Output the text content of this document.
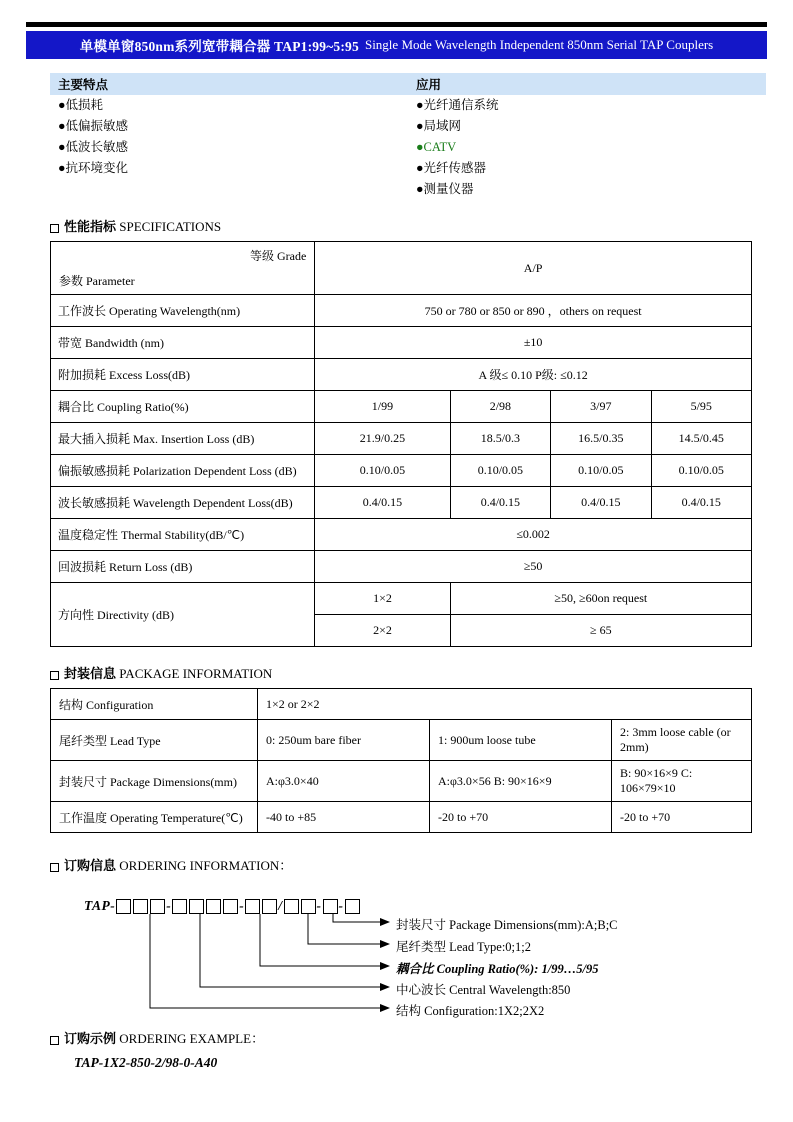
单模单窗850nm系列宽带耦合器 TAP1:99~5:95 Single Mode Wavelength Independent 850nm Serial TAP Couplers
主要特点	应用

●低损耗
●低偏振敏感
●低波长敏感
●抗环境变化

●光纤通信系统
●局域网
●CATV
●光纤传感器
●测量仪器
性能指标 SPECIFICATIONS
等级 Grade
参数 Parameter	A/P			
工作波长 Operating Wavelength(nm)	750 or 780 or 850 or 890 ，others on request			
带宽 Bandwidth (nm)	±10			
附加损耗 Excess Loss(dB)	A 级≤ 0.10 P级: ≤0.12			
耦合比 Coupling Ratio(%)	1/99	2/98	3/97	5/95
最大插入损耗 Max. Insertion Loss (dB)	21.9/0.25	18.5/0.3	16.5/0.35	14.5/0.45
偏振敏感损耗 Polarization Dependent Loss (dB)	0.10/0.05	0.10/0.05	0.10/0.05	0.10/0.05
波长敏感损耗 Wavelength Dependent Loss(dB)	0.4/0.15	0.4/0.15	0.4/0.15	0.4/0.15
温度稳定性 Thermal Stability(dB/℃)	≤0.002			
回波损耗 Return Loss (dB)	≥50			
方向性 Directivity (dB)	1×2	≥50, ≥60on request		
	2×2	≥ 65		
封装信息 PACKAGE INFORMATION
结构 Configuration	1×2 or 2×2		
尾纤类型 Lead Type	0: 250um bare fiber	1: 900um loose tube	2: 3mm loose cable (or 2mm)
封装尺寸 Package Dimensions(mm)	A:φ3.0×40	A:φ3.0×56 B: 90×16×9	B: 90×16×9 C: 106×79×10
工作温度 Operating Temperature(℃)	-40 to +85	-20 to +70	-20 to +70
订购信息 ORDERING INFORMATION：
TAP-	-	-	/	- -
封装尺寸 Package Dimensions(mm):A;B;C
尾纤类型 Lead Type:0;1;2
耦合比 Coupling Ratio(%): 1/99…5/95
中心波长 Central Wavelength:850
结构 Configuration:1X2;2X2
订购示例 ORDERING EXAMPLE：
TAP-1X2-850-2/98-0-A40
